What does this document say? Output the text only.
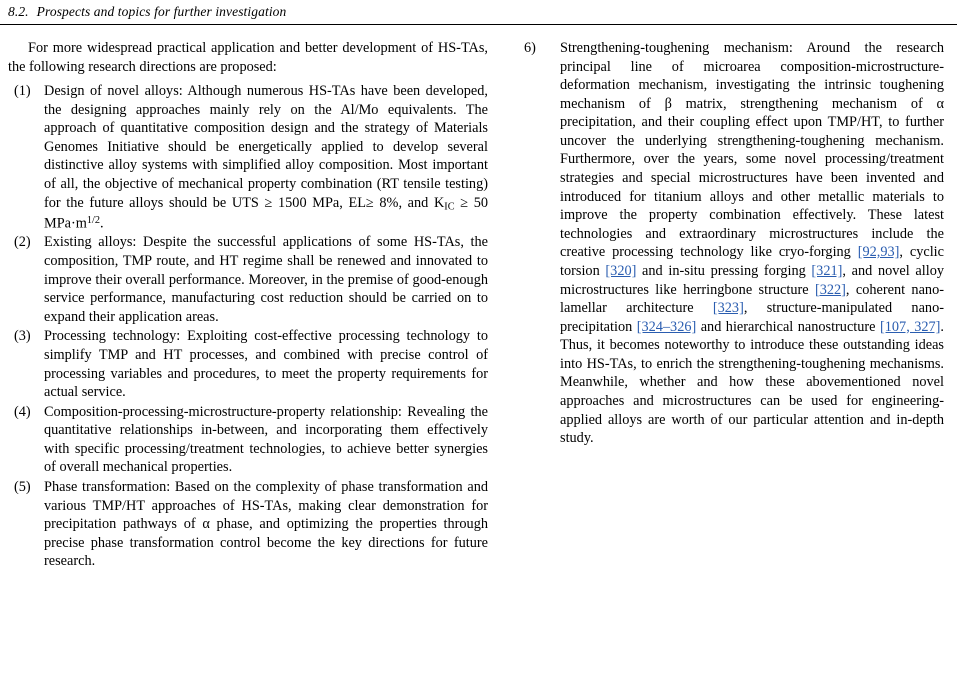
8.2. Prospects and topics for further investigation

For more widespread practical application and better development of HS-TAs, the following research directions are proposed:

(1) Design of novel alloys: Although numerous HS-TAs have been developed, the designing approaches mainly rely on the Al/Mo equivalents. The approach of quantitative composition design and the strategy of Materials Genomes Initiative should be energetically applied to develop several distinctive alloy systems with simplified alloy composition. Most important of all, the objective of mechanical property combination (RT tensile testing) for the future alloys should be UTS ≥ 1500 MPa, EL≥ 8%, and $K_{IC} \ge 50$ $MPa\cdot m^{1/2}$.
(2) Existing alloys: Despite the successful applications of some HS-TAs, the composition, TMP route, and HT regime shall be renewed and innovated to improve their overall performance. Moreover, in the premise of good-enough service performance, manufacturing cost reduction should be carried on to expand their application areas.
(3) Processing technology: Exploiting cost-effective processing technology to simplify TMP and HT processes, and combined with precise control of processing variables and procedures, to meet the property requirements for actual service.
(4) Composition-processing-microstructure-property relationship: Revealing the quantitative relationships in-between, and incorporating them effectively with specific processing/treatment technologies, to achieve better synergies of overall mechanical properties.
(5) Phase transformation: Based on the complexity of phase transformation and various TMP/HT approaches of HS-TAs, making clear demonstration for precipitation pathways of α phase, and optimizing the properties through precise phase transformation control become the key directions for future research.
6)	Strengthening-toughening mechanism: Around the research principal line of microarea composition-microstructure-deformation mechanism, investigating the intrinsic toughening mechanism of β matrix, strengthening mechanism of α precipitation, and their coupling effect upon TMP/HT, to further uncover the underlying strengthening-toughening mechanism. Furthermore, over the years, some novel processing/treatment strategies and special microstructures have been invented and introduced for titanium alloys and other metallic materials to improve the property combination effectively. These latest technologies and extraordinary microstructures include the creative processing technology like cryo-forging [92,93], cyclic torsion [320] and in-situ pressing forging [321], and novel alloy microstructures like herringbone structure [322], coherent nano-lamellar architecture [323], structure-manipulated nano-precipitation [324–326] and hierarchical nanostructure [107, 327]. Thus, it becomes noteworthy to introduce these outstanding ideas into HS-TAs, to enrich the strengthening-toughening mechanisms. Meanwhile, whether and how these abovementioned novel approaches and microstructures can be used for engineering-applied alloys are worth of our particular attention and in-depth study.
